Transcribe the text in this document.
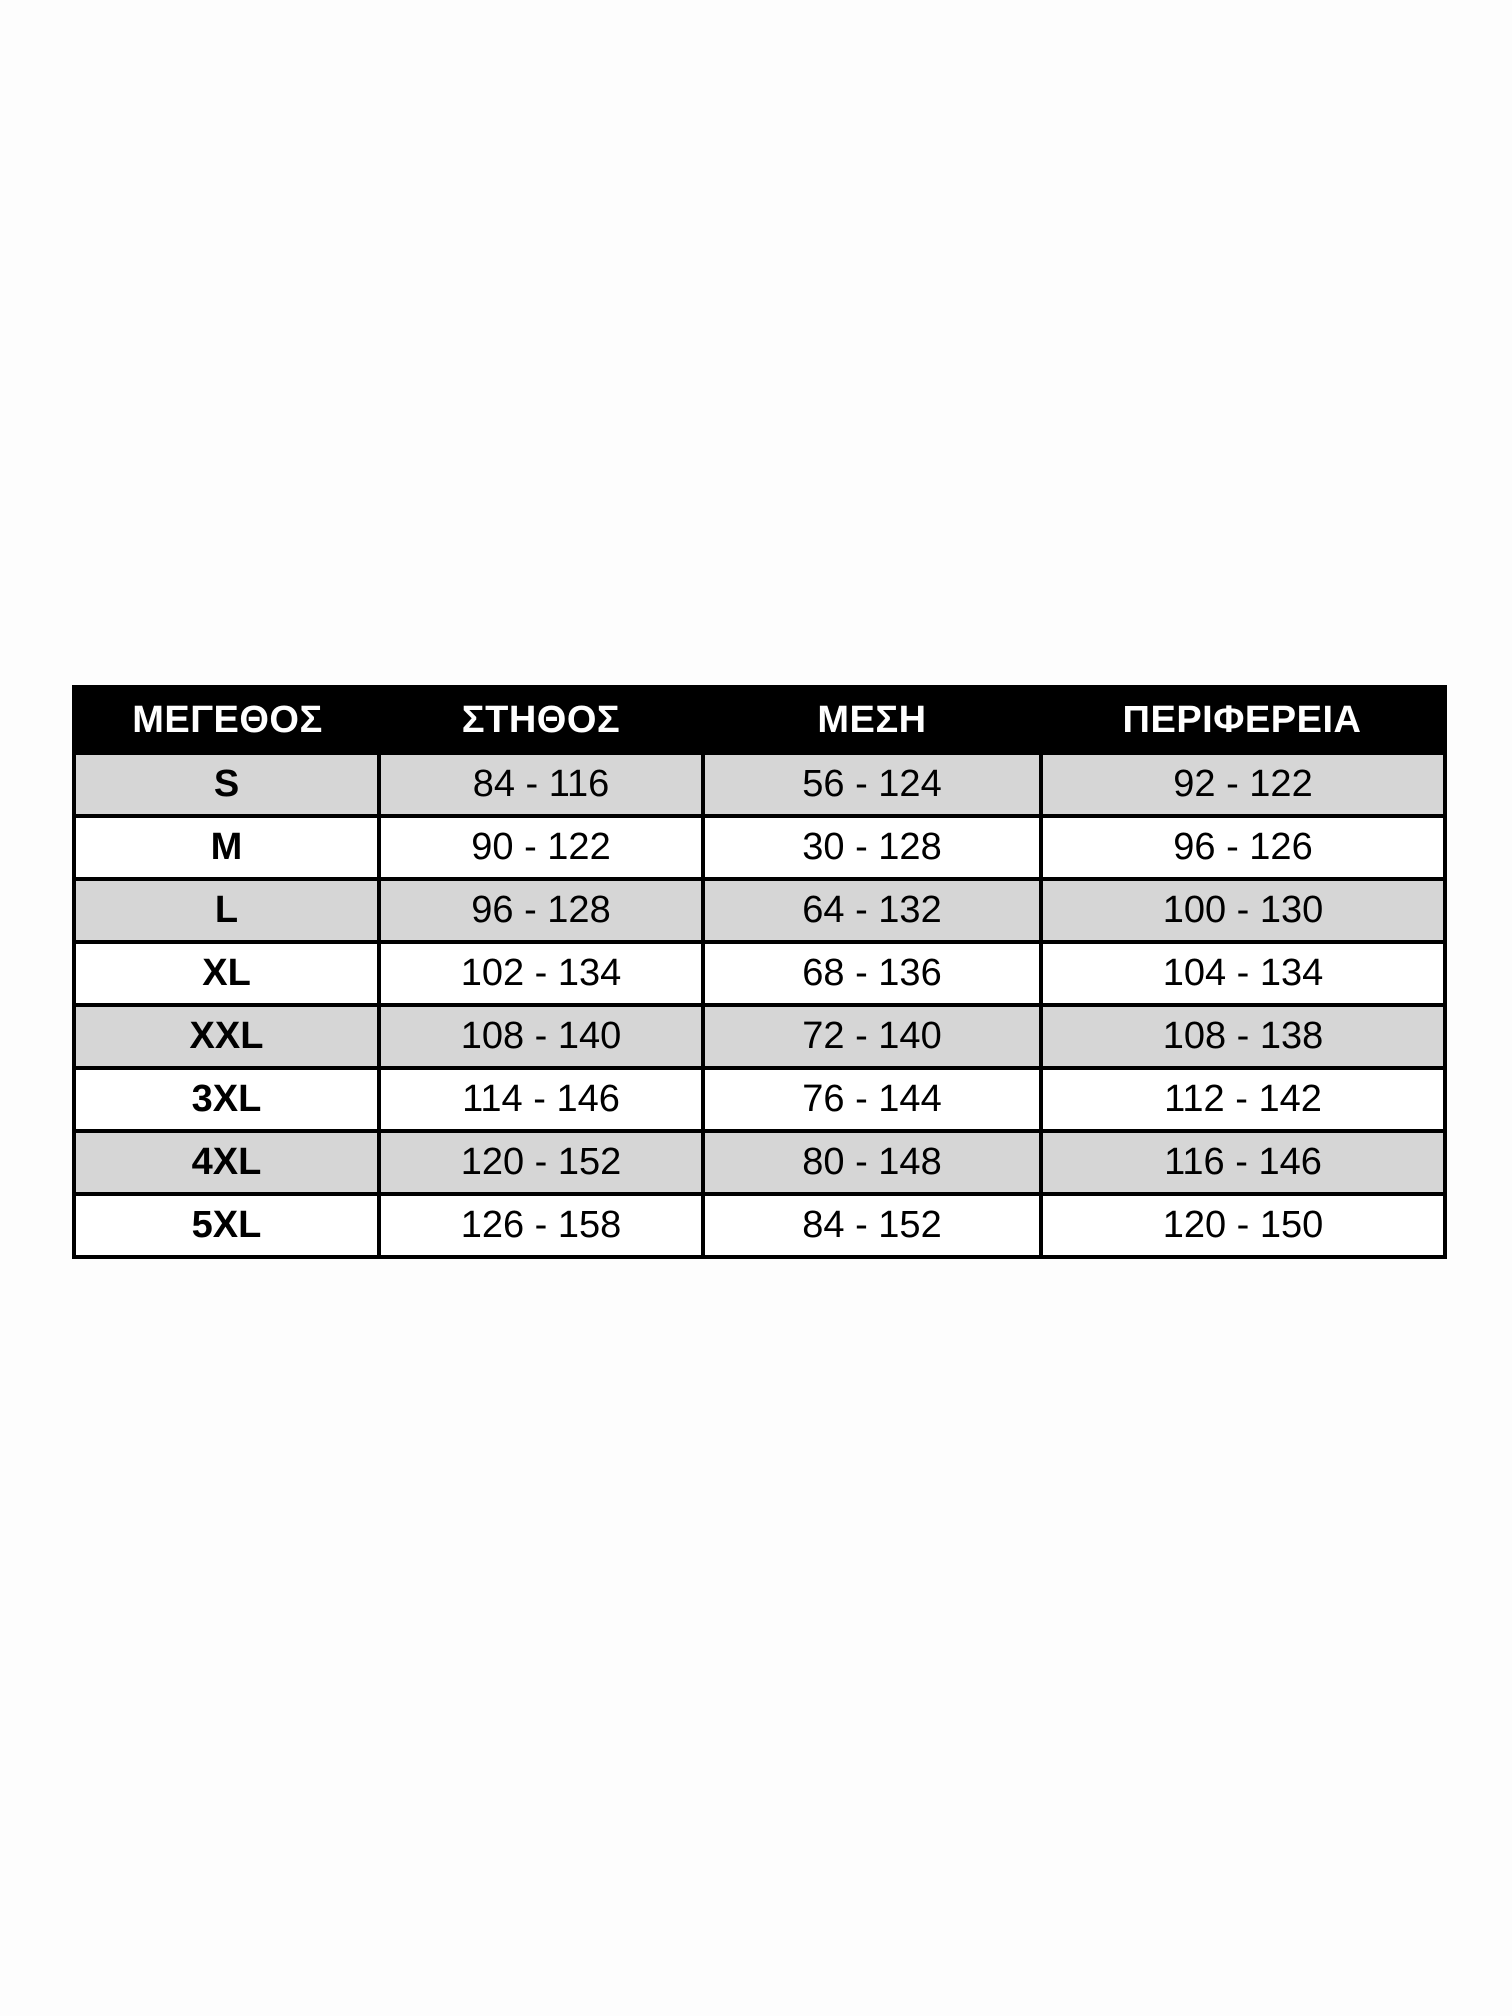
ΜΕΓΕΘΟΣ	ΣΤΗΘΟΣ	ΜΕΣΗ	ΠΕΡΙΦΕΡΕΙΑ
S	84 - 116	56 - 124	92 - 122
M	90 - 122	30 - 128	96 - 126
L	96 - 128	64 - 132	100 - 130
XL	102 - 134	68 - 136	104 - 134
XXL	108 - 140	72 - 140	108 - 138
3XL	114 - 146	76 - 144	112 - 142
4XL	120 - 152	80 - 148	116 - 146
5XL	126 - 158	84 - 152	120 - 150
